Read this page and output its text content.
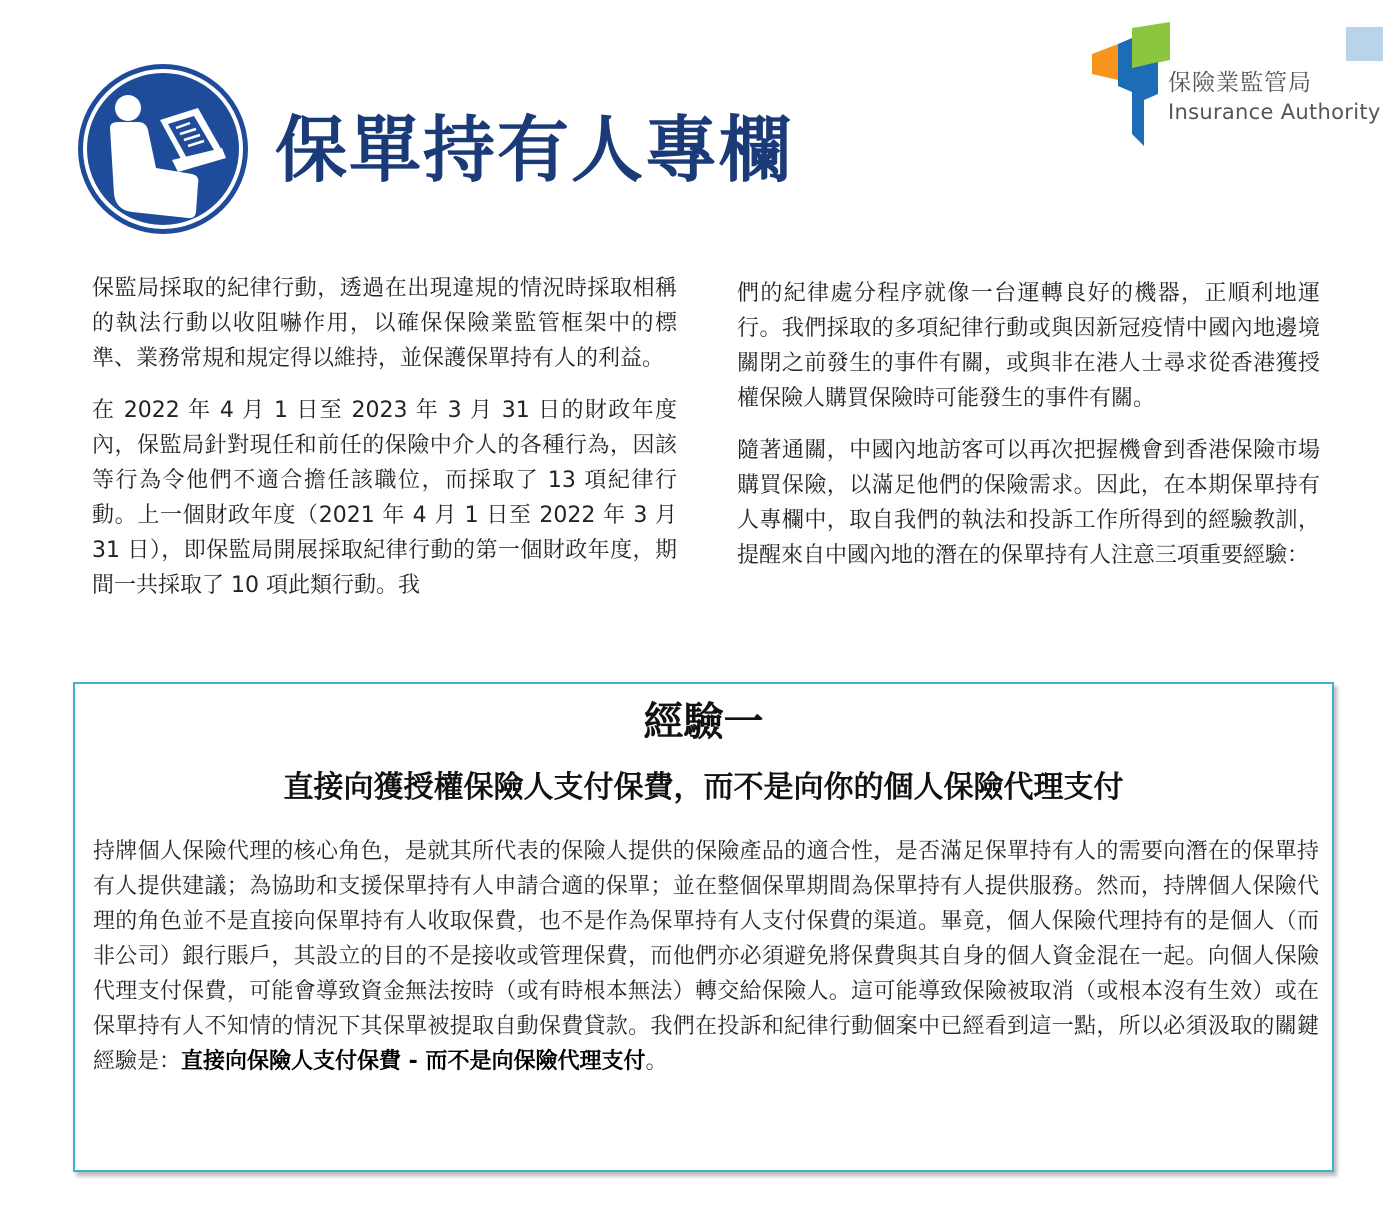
保單持有人專欄
保險業監管局
Insurance Authority

保監局採取的紀律行動，透過在出現違規的情況時採取相稱的執法行動以收阻嚇作用，以確保保險業監管框架中的標準、業務常規和規定得以維持，並保護保單持有人的利益。

在 2022 年 4 月 1 日至 2023 年 3 月 31 日的財政年度內，保監局針對現任和前任的保險中介人的各種行為，因該等行為令他們不適合擔任該職位，而採取了 13 項紀律行動。上一個財政年度（2021 年 4 月 1 日至 2022 年 3 月 31 日），即保監局開展採取紀律行動的第一個財政年度，期間一共採取了 10 項此類行動。我

們的紀律處分程序就像一台運轉良好的機器，正順利地運行。我們採取的多項紀律行動或與因新冠疫情中國內地邊境關閉之前發生的事件有關，或與非在港人士尋求從香港獲授權保險人購買保險時可能發生的事件有關。

隨著通關，中國內地訪客可以再次把握機會到香港保險市場購買保險，以滿足他們的保險需求。因此，在本期保單持有人專欄中，取自我們的執法和投訴工作所得到的經驗教訓，提醒來自中國內地的潛在的保單持有人注意三項重要經驗：

經驗一
直接向獲授權保險人支付保費，而不是向你的個人保險代理支付

持牌個人保險代理的核心角色，是就其所代表的保險人提供的保險產品的適合性，是否滿足保單持有人的需要向潛在的保單持有人提供建議；為協助和支援保單持有人申請合適的保單；並在整個保單期間為保單持有人提供服務。然而，持牌個人保險代理的角色並不是直接向保單持有人收取保費，也不是作為保單持有人支付保費的渠道。畢竟，個人保險代理持有的是個人（而非公司）銀行賬戶，其設立的目的不是接收或管理保費，而他們亦必須避免將保費與其自身的個人資金混在一起。向個人保險代理支付保費，可能會導致資金無法按時（或有時根本無法）轉交給保險人。這可能導致保險被取消（或根本沒有生效）或在保單持有人不知情的情況下其保單被提取自動保費貸款。我們在投訴和紀律行動個案中已經看到這一點，所以必須汲取的關鍵經驗是：直接向保險人支付保費 - 而不是向保險代理支付。
